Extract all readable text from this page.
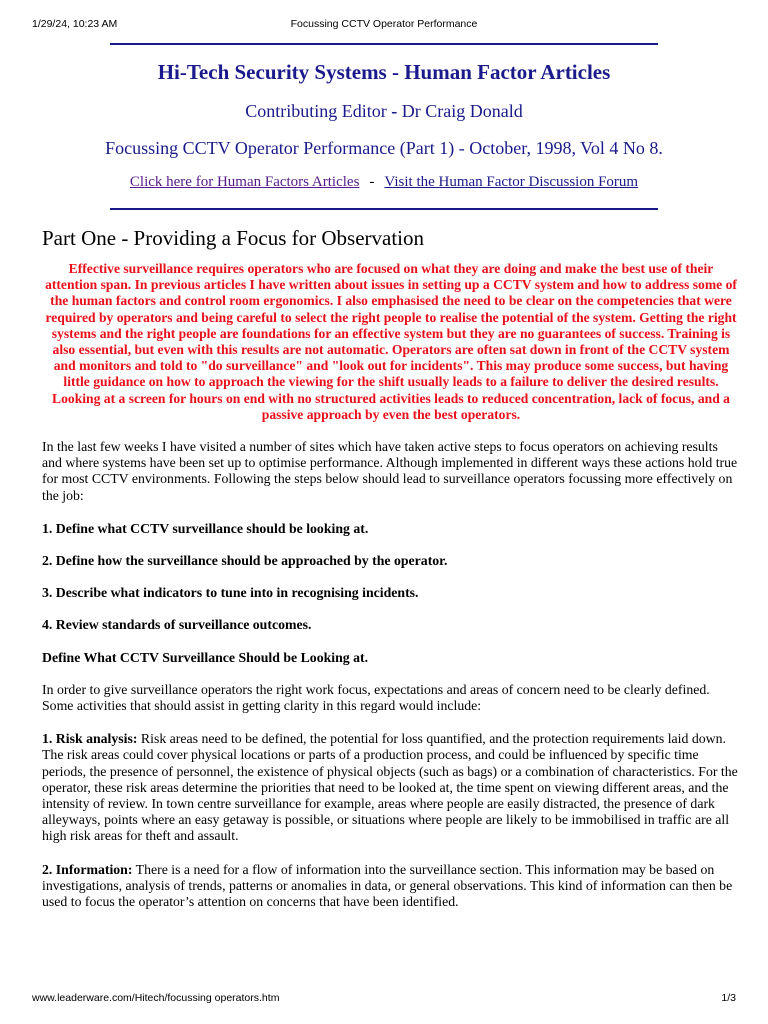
1/29/24, 10:23 AM	Focussing CCTV Operator Performance
Hi-Tech Security Systems - Human Factor Articles
Contributing Editor - Dr Craig Donald
Focussing CCTV Operator Performance (Part 1) - October, 1998, Vol 4 No 8.
Click here for Human Factors Articles - Visit the Human Factor Discussion Forum
Part One - Providing a Focus for Observation

Effective surveillance requires operators who are focused on what they are doing and make the best use of their attention span. In previous articles I have written about issues in setting up a CCTV system and how to address some of the human factors and control room ergonomics. I also emphasised the need to be clear on the competencies that were required by operators and being careful to select the right people to realise the potential of the system. Getting the right systems and the right people are foundations for an effective system but they are no guarantees of success. Training is also essential, but even with this results are not automatic. Operators are often sat down in front of the CCTV system and monitors and told to "do surveillance" and "look out for incidents". This may produce some success, but having little guidance on how to approach the viewing for the shift usually leads to a failure to deliver the desired results. Looking at a screen for hours on end with no structured activities leads to reduced concentration, lack of focus, and a passive approach by even the best operators.

In the last few weeks I have visited a number of sites which have taken active steps to focus operators on achieving results and where systems have been set up to optimise performance. Although implemented in different ways these actions hold true for most CCTV environments. Following the steps below should lead to surveillance operators focussing more effectively on the job:

1. Define what CCTV surveillance should be looking at.

2. Define how the surveillance should be approached by the operator.

3. Describe what indicators to tune into in recognising incidents.

4. Review standards of surveillance outcomes.

Define What CCTV Surveillance Should be Looking at.

In order to give surveillance operators the right work focus, expectations and areas of concern need to be clearly defined. Some activities that should assist in getting clarity in this regard would include:

1. Risk analysis: Risk areas need to be defined, the potential for loss quantified, and the protection requirements laid down. The risk areas could cover physical locations or parts of a production process, and could be influenced by specific time periods, the presence of personnel, the existence of physical objects (such as bags) or a combination of characteristics. For the operator, these risk areas determine the priorities that need to be looked at, the time spent on viewing different areas, and the intensity of review. In town centre surveillance for example, areas where people are easily distracted, the presence of dark alleyways, points where an easy getaway is possible, or situations where people are likely to be immobilised in traffic are all high risk areas for theft and assault.

2. Information: There is a need for a flow of information into the surveillance section. This information may be based on investigations, analysis of trends, patterns or anomalies in data, or general observations. This kind of information can then be used to focus the operator’s attention on concerns that have been identified.

www.leaderware.com/Hitech/focussing operators.htm	1/3
